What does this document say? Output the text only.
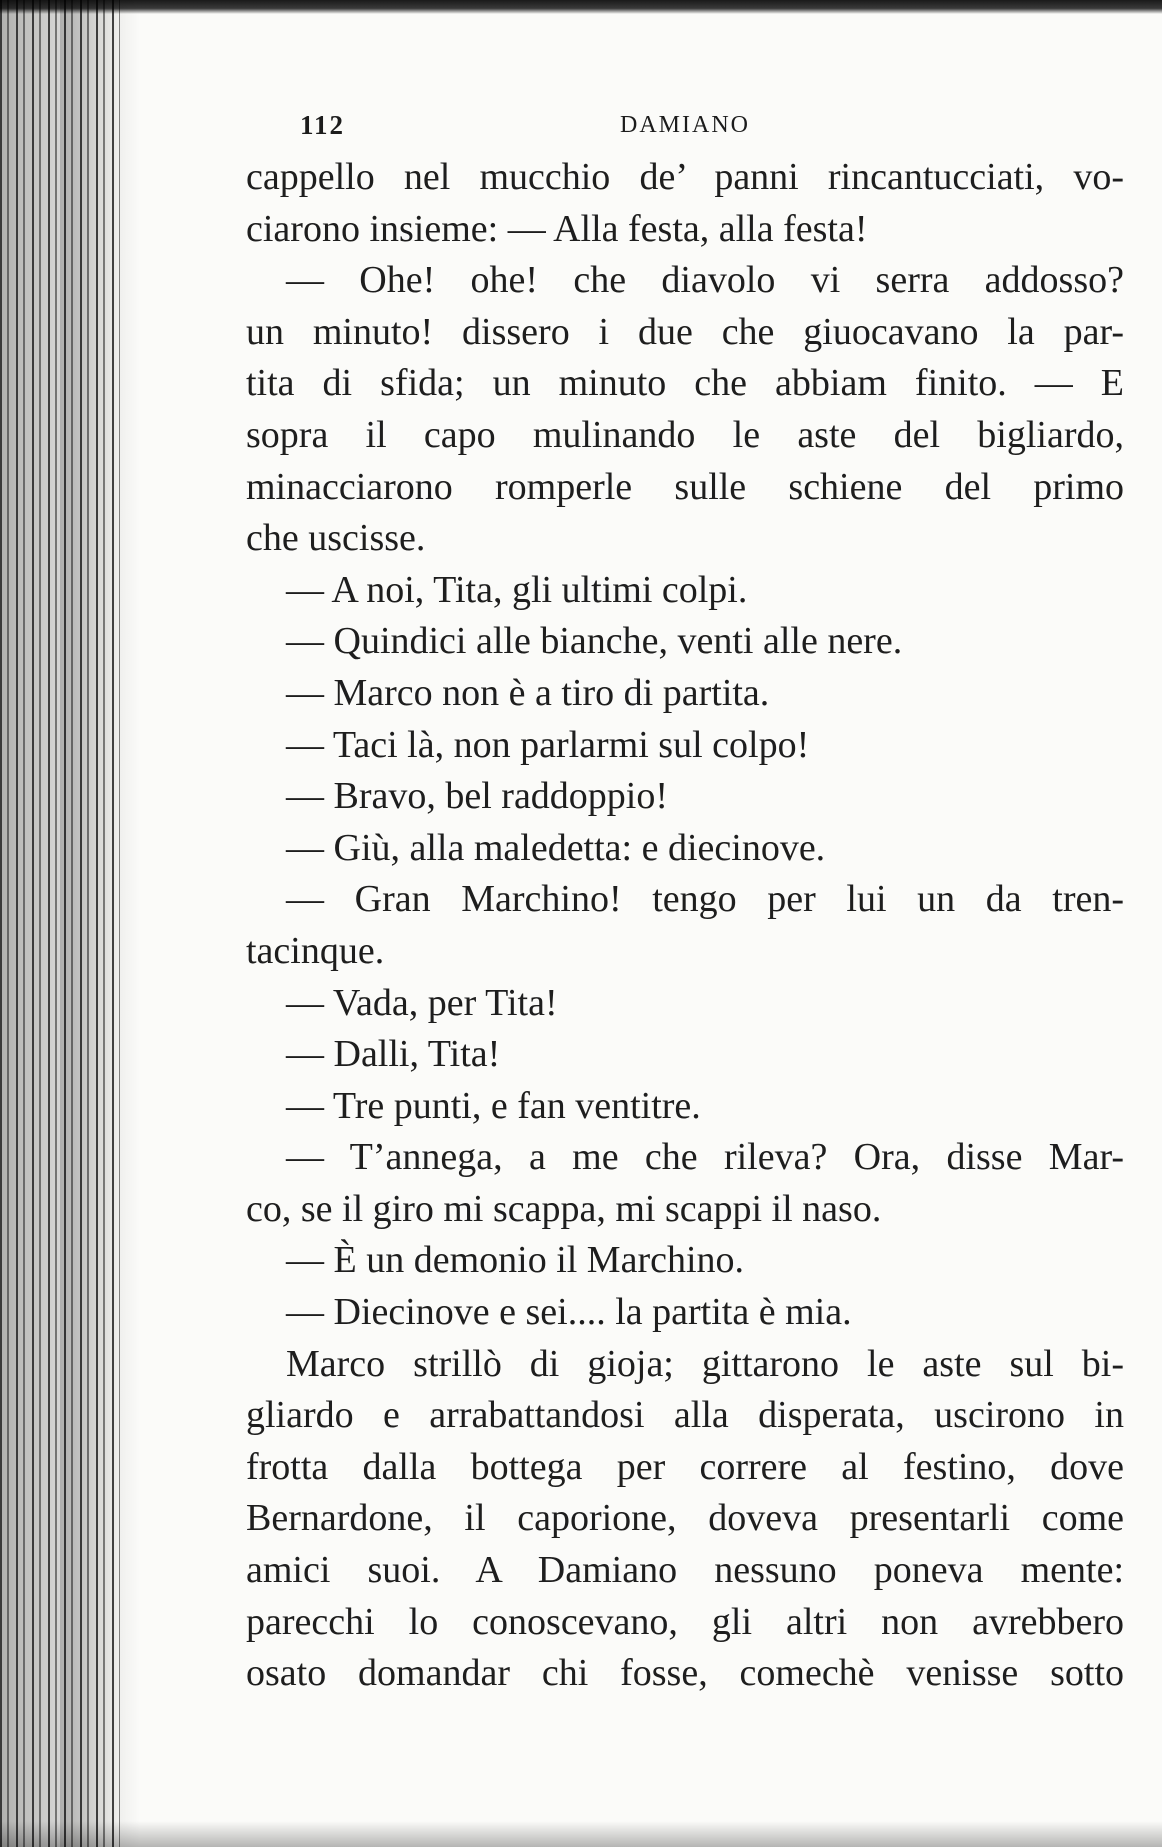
112	DAMIANO
cappello nel mucchio de’ panni rincantucciati, vo-
ciarono insieme: — Alla festa, alla festa!
— Ohe! ohe! che diavolo vi serra addosso?
un minuto! dissero i due che giuocavano la par-
tita di sfida; un minuto che abbiam finito. — E
sopra il capo mulinando le aste del bigliardo,
minacciarono romperle sulle schiene del primo
che uscisse.
— A noi, Tita, gli ultimi colpi.
— Quindici alle bianche, venti alle nere.
— Marco non è a tiro di partita.
— Taci là, non parlarmi sul colpo!
— Bravo, bel raddoppio!
— Giù, alla maledetta: e diecinove.
— Gran Marchino! tengo per lui un da tren-
tacinque.
— Vada, per Tita!
— Dalli, Tita!
— Tre punti, e fan ventitre.
— T’annega, a me che rileva? Ora, disse Mar-
co, se il giro mi scappa, mi scappi il naso.
— È un demonio il Marchino.
— Diecinove e sei.... la partita è mia.
Marco strillò di gioja; gittarono le aste sul bi-
gliardo e arrabattandosi alla disperata, uscirono in
frotta dalla bottega per correre al festino, dove
Bernardone, il caporione, doveva presentarli come
amici suoi. A Damiano nessuno poneva mente:
parecchi lo conoscevano, gli altri non avrebbero
osato domandar chi fosse, comechè venisse sotto
